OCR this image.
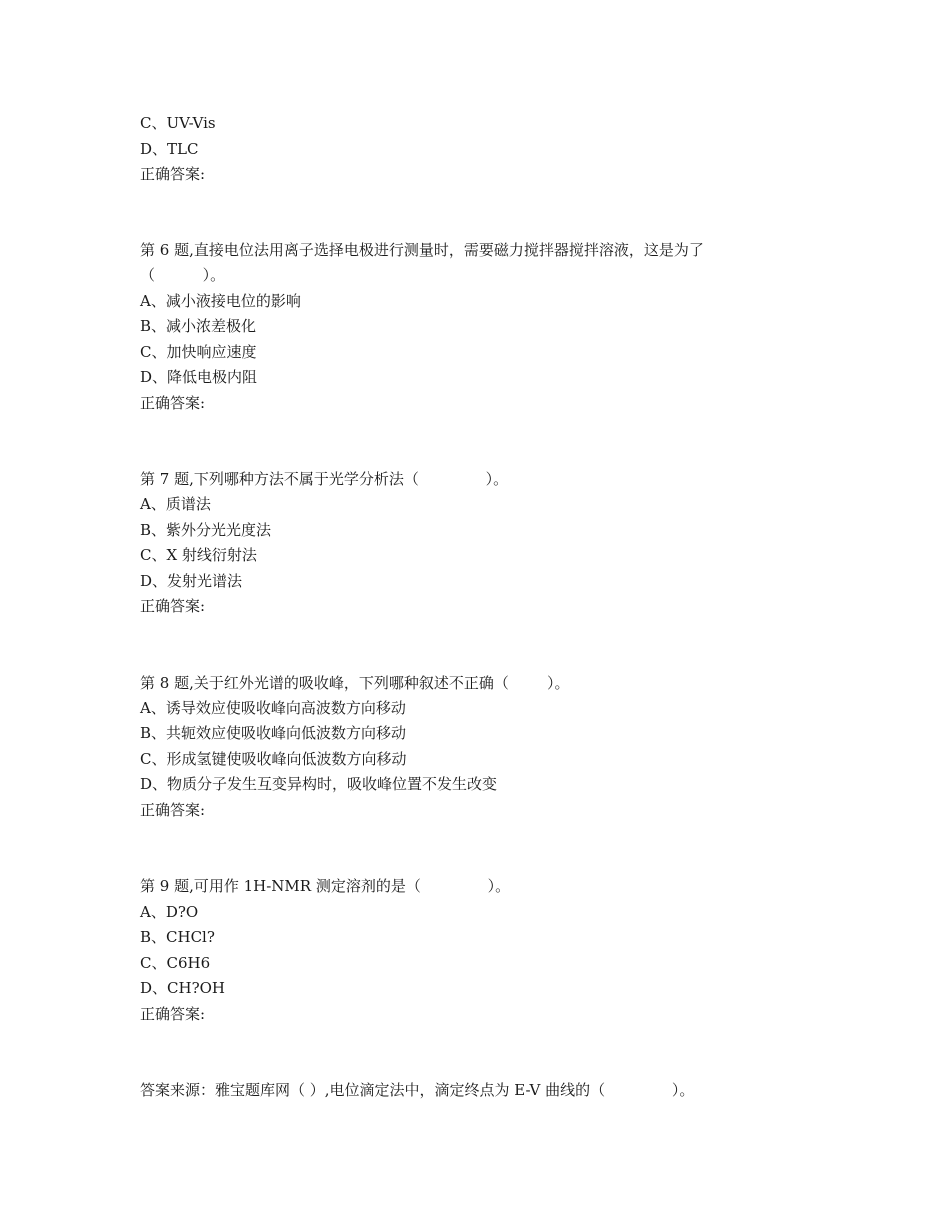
C、UV-Vis
D、TLC
正确答案:
第 6 题,直接电位法用离子选择电极进行测量时，需要磁力搅拌器搅拌溶液，这是为了
（          ）。
A、减小液接电位的影响
B、减小浓差极化
C、加快响应速度
D、降低电极内阻
正确答案:
第 7 题,下列哪种方法不属于光学分析法（              ）。
A、质谱法
B、紫外分光光度法
C、X 射线衍射法
D、发射光谱法
正确答案:
第 8 题,关于红外光谱的吸收峰，下列哪种叙述不正确（        ）。
A、诱导效应使吸收峰向高波数方向移动
B、共轭效应使吸收峰向低波数方向移动
C、形成氢键使吸收峰向低波数方向移动
D、物质分子发生互变异构时，吸收峰位置不发生改变
正确答案:
第 9 题,可用作 1H-NMR 测定溶剂的是（              ）。
A、D?O
B、CHCl?
C、C6H6
D、CH?OH
正确答案:
答案来源：雅宝题库网（ ）,电位滴定法中，滴定终点为 E-V 曲线的（              ）。
